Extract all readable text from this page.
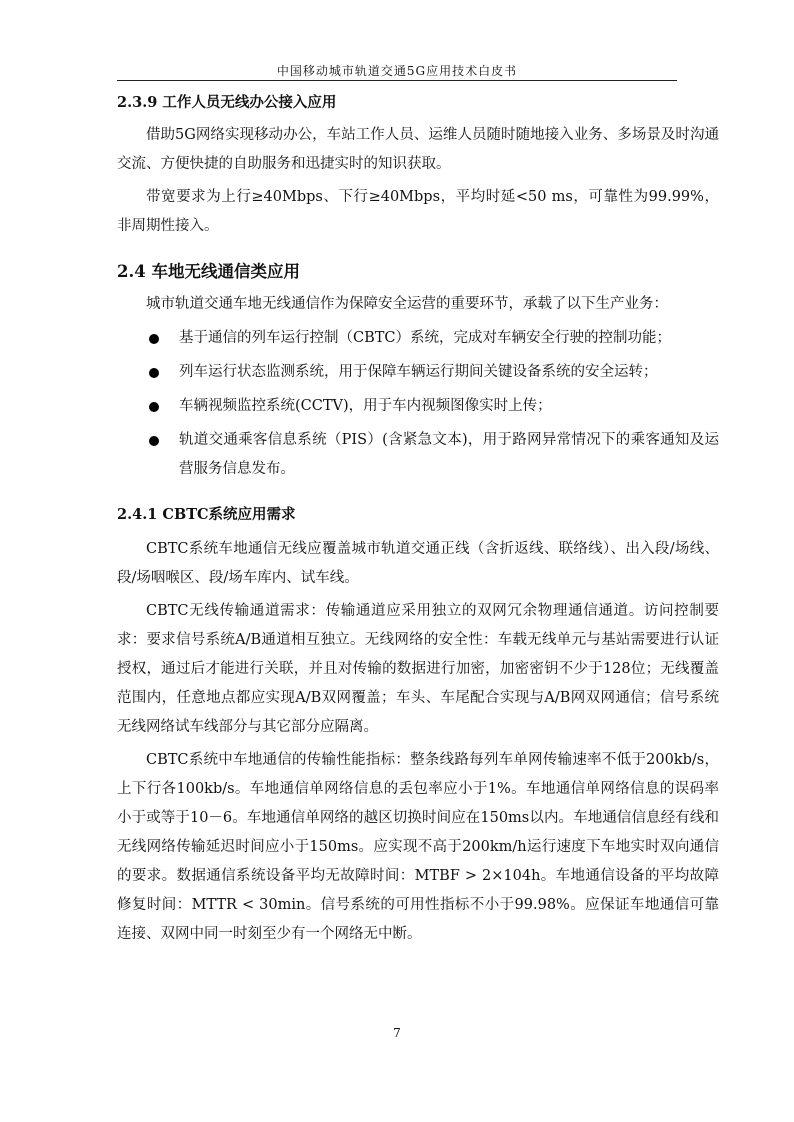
中国移动城市轨道交通5G应用技术白皮书
2.3.9 工作人员无线办公接入应用

借助5G网络实现移动办公，车站工作人员、运维人员随时随地接入业务、多场景及时沟通交流、方便快捷的自助服务和迅捷实时的知识获取。

带宽要求为上行≥40Mbps、下行≥40Mbps，平均时延<50 ms，可靠性为99.99%，非周期性接入。

2.4 车地无线通信类应用

城市轨道交通车地无线通信作为保障安全运营的重要环节，承载了以下生产业务：

基于通信的列车运行控制（CBTC）系统，完成对车辆安全行驶的控制功能；
列车运行状态监测系统，用于保障车辆运行期间关键设备系统的安全运转；
车辆视频监控系统(CCTV)，用于车内视频图像实时上传；
轨道交通乘客信息系统（PIS）(含紧急文本)，用于路网异常情况下的乘客通知及运营服务信息发布。
2.4.1 CBTC系统应用需求

CBTC系统车地通信无线应覆盖城市轨道交通正线（含折返线、联络线）、出入段/场线、段/场咽喉区、段/场车库内、试车线。

CBTC无线传输通道需求：传输通道应采用独立的双网冗余物理通信通道。访问控制要求：要求信号系统A/B通道相互独立。无线网络的安全性：车载无线单元与基站需要进行认证授权，通过后才能进行关联，并且对传输的数据进行加密，加密密钥不少于128位；无线覆盖范围内，任意地点都应实现A/B双网覆盖；车头、车尾配合实现与A/B网双网通信；信号系统无线网络试车线部分与其它部分应隔离。

CBTC系统中车地通信的传输性能指标：整条线路每列车单网传输速率不低于200kb/s，上下行各100kb/s。车地通信单网络信息的丢包率应小于1%。车地通信单网络信息的误码率小于或等于10－6。车地通信单网络的越区切换时间应在150ms以内。车地通信信息经有线和无线网络传输延迟时间应小于150ms。应实现不高于200km/h运行速度下车地实时双向通信的要求。数据通信系统设备平均无故障时间：MTBF > 2×104h。车地通信设备的平均故障修复时间：MTTR < 30min。信号系统的可用性指标不小于99.98%。应保证车地通信可靠连接、双网中同一时刻至少有一个网络无中断。

7
